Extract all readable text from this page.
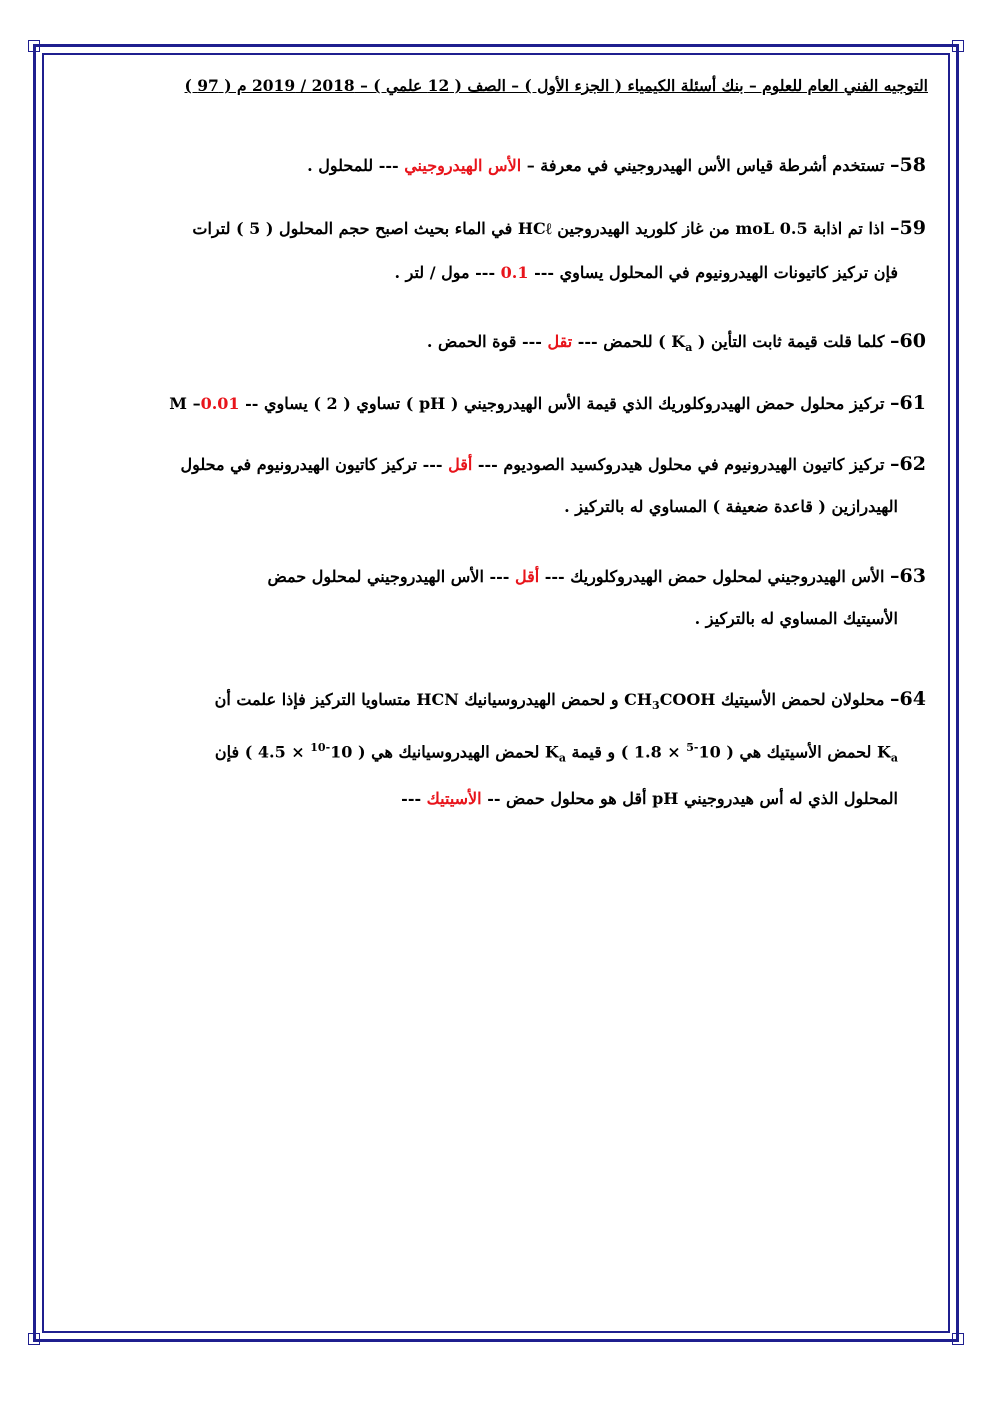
التوجيه الفني العام للعلوم – بنك أسئلة الكيمياء ( الجزء الأول ) – الصف ( 12 علمي ) – 2018 / 2019 م ( 97 )
58– تستخدم أشرطة قياس الأس الهيدروجيني في معرفة – الأس الهيدروجيني --- للمحلول .
59– اذا تم اذابة 0.5 moL من غاز كلوريد الهيدروجين HCℓ في الماء بحيث اصبح حجم المحلول ( 5 ) لترات
فإن تركيز كاتيونات الهيدرونيوم في المحلول يساوي --- 0.1 --- مول / لتر .
60– كلما قلت قيمة ثابت التأين ( $K_a$ ) للحمض --- تقل --- قوة الحمض .
61– تركيز محلول حمض الهيدروكلوريك الذي قيمة الأس الهيدروجيني ( pH ) تساوي ( 2 ) يساوي -- 0.01– M
62– تركيز كاتيون الهيدرونيوم في محلول هيدروكسيد الصوديوم --- أقل --- تركيز كاتيون الهيدرونيوم في محلول
الهيدرازين ( قاعدة ضعيفة ) المساوي له بالتركيز .
63– الأس الهيدروجيني لمحلول حمض الهيدروكلوريك --- أقل --- الأس الهيدروجيني لمحلول حمض
الأسيتيك المساوي له بالتركيز .
64– محلولان لحمض الأسيتيك $CH_3COOH$ و لحمض الهيدروسيانيك HCN متساويا التركيز فإذا علمت أن
$K_a$ لحمض الأسيتيك هي ( $10^{-5} \times 1.8$ ) و قيمة $K_a$ لحمض الهيدروسيانيك هي ( $10^{-10} \times 4.5$ ) فإن
المحلول الذي له أس هيدروجيني pH أقل هو محلول حمض -- الأسيتيك ---
